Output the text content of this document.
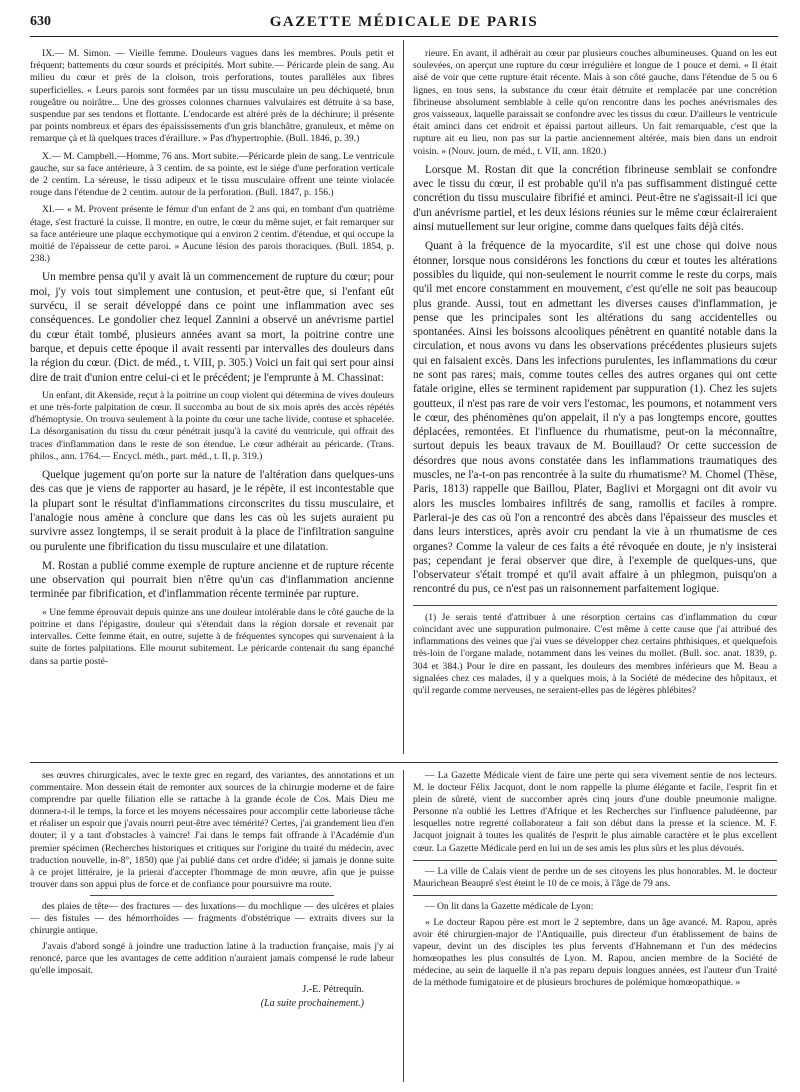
630	GAZETTE MÉDICALE DE PARIS

IX.— M. Simon. — Vieille femme. Douleurs vagues dans les membres. Pouls petit et fréquent; battements du cœur sourds et précipités. Mort subite.— Péricarde plein de sang. Au milieu du cœur et près de la cloison, trois perforations, toutes parallèles aux fibres superficielles. « Leurs parois sont formées par un tissu musculaire un peu déchiqueté, brun rougeâtre ou noirâtre... Une des grosses colonnes charnues valvulaires est détruite à sa base, suspendue par ses tendons et flottante. L'endocarde est altéré près de la déchirure; il présente par points nombreux et épars des épaississements d'un gris blanchâtre, granuleux, et même on remarque çà et là quelques traces d'éraillure. » Pas d'hypertrophie. (Bull. 1846, p. 39.)

X.— M. Campbell.—Homme, 76 ans. Mort subite.—Péricarde plein de sang. Le ventricule gauche, sur sa face antérieure, à 3 centim. de sa pointe, est le siége d'une perforation verticale de 2 centim. La séreuse, le tissu adipeux et le tissu musculaire offrent une teinte violacée rouge dans l'étendue de 2 centim. autour de la perforation. (Bull. 1847, p. 156.)

XI.— « M. Provent présente le fémur d'un enfant de 2 ans qui, en tombant d'un quatrième étage, s'est fracturé la cuisse. Il montre, en outre, le cœur du même sujet, et fait remarquer sur sa face antérieure une plaque ecchymotique qui a environ 2 centim. d'étendue, et qui occupe la moitié de l'épaisseur de cette paroi. » Aucune lésion des parois thoraciques. (Bull. 1854, p. 238.)

Un membre pensa qu'il y avait là un commencement de rupture du cœur; pour moi, j'y vois tout simplement une contusion, et peut-être que, si l'enfant eût survécu, il se serait développé dans ce point une inflammation avec ses conséquences. Le gondolier chez lequel Zannini a observé un anévrisme partiel du cœur était tombé, plusieurs années avant sa mort, la poitrine contre une barque, et depuis cette époque il avait ressenti par intervalles des douleurs dans la région du cœur. (Dict. de méd., t. VIII, p. 305.) Voici un fait qui sert pour ainsi dire de trait d'union entre celui-ci et le précédent; je l'emprunte à M. Chassinat:

Un enfant, dit Akenside, reçut à la poitrine un coup violent qui détermina de vives douleurs et une très-forte palpitation de cœur. Il succomba au bout de six mois après des accès répétés d'hémoptysie. On trouva seulement à la pointe du cœur une tache livide, contuse et sphacelée. La désorganisation du tissu du cœur pénétrait jusqu'à la cavité du ventricule, qui offrait des traces d'inflammation dans le reste de son étendue. Le cœur adhérait au péricarde. (Trans. philos., ann. 1764.— Encycl. méth., part. méd., t. II, p. 319.)

Quelque jugement qu'on porte sur la nature de l'altération dans quelques-uns des cas que je viens de rapporter au hasard, je le répète, il est incontestable que la plupart sont le résultat d'inflammations circonscrites du tissu musculaire, et l'analogie nous amène à conclure que dans les cas où les sujets auraient pu survivre assez longtemps, il se serait produit à la place de l'infiltration sanguine ou purulente une fibrification du tissu musculaire et une dilatation.

M. Rostan a publié comme exemple de rupture ancienne et de rupture récente une observation qui pourrait bien n'être qu'un cas d'inflammation ancienne terminée par fibrification, et d'inflammation récente terminée par rupture.

« Une femme éprouvait depuis quinze ans une douleur intolérable dans le côté gauche de la poitrine et dans l'épigastre, douleur qui s'étendait dans la région dorsale et revenait par intervalles. Cette femme était, en outre, sujette à de fréquentes syncopes qui survenaient à la suite de fortes palpitations. Elle mourut subitement. Le péricarde contenait du sang épanché dans sa partie posté-

rieure. En avant, il adhérait au cœur par plusieurs couches albumineuses. Quand on les eut soulevées, on aperçut une rupture du cœur irrégulière et longue de 1 pouce et demi. « Il était aisé de voir que cette rupture était récente. Mais à son côté gauche, dans l'étendue de 5 ou 6 lignes, en tous sens, la substance du cœur était détruite et remplacée par une concrétion fibrineuse absolument semblable à celle qu'on rencontre dans les poches anévrismales des gros vaisseaux, laquelle paraissait se confondre avec les tissus du cœur. D'ailleurs le ventricule était aminci dans cet endroit et épaissi partout ailleurs. Un fait remarquable, c'est que la rupture ait eu lieu, non pas sur la partie anciennement altérée, mais bien dans un endroit voisin. » (Nouv. journ. de méd., t. VII, ann. 1820.)

Lorsque M. Rostan dit que la concrétion fibrineuse semblait se confondre avec le tissu du cœur, il est probable qu'il n'a pas suffisamment distingué cette concrétion du tissu musculaire fibrifié et aminci. Peut-être ne s'agissait-il ici que d'un anévrisme partiel, et les deux lésions réunies sur le même cœur éclaireraient ainsi mutuellement sur leur origine, comme dans quelques faits déjà cités.

Quant à la fréquence de la myocardite, s'il est une chose qui doive nous étonner, lorsque nous considérons les fonctions du cœur et toutes les altérations possibles du liquide, qui non-seulement le nourrit comme le reste du corps, mais qu'il met encore constamment en mouvement, c'est qu'elle ne soit pas beaucoup plus grande. Aussi, tout en admettant les diverses causes d'inflammation, je pense que les principales sont les altérations du sang accidentelles ou spontanées. Ainsi les boissons alcooliques pénètrent en quantité notable dans la circulation, et nous avons vu dans les observations précédentes plusieurs sujets qui en faisaient excès. Dans les infections purulentes, les inflammations du cœur ne sont pas rares; mais, comme toutes celles des autres organes qui ont cette fatale origine, elles se terminent rapidement par suppuration (1). Chez les sujets goutteux, il n'est pas rare de voir vers l'estomac, les poumons, et notamment vers le cœur, des phénomènes qu'on appelait, il n'y a pas longtemps encore, gouttes déplacées, remontées. Et l'influence du rhumatisme, peut-on la méconnaître, surtout depuis les beaux travaux de M. Bouillaud? Or cette succession de désordres que nous avons constatée dans les inflammations traumatiques des muscles, ne l'a-t-on pas rencontrée à la suite du rhumatisme? M. Chomel (Thèse, Paris, 1813) rappelle que Baillou, Plater, Baglivi et Morgagni ont dit avoir vu alors les muscles lombaires infiltrés de sang, ramollis et faciles à rompre. Parlerai-je des cas où l'on a rencontré des abcès dans l'épaisseur des muscles et dans leurs interstices, après avoir cru pendant la vie à un rhumatisme de ces organes? Comme la valeur de ces faits a été révoquée en doute, je n'y insisterai pas; cependant je ferai observer que dire, à l'exemple de quelques-uns, que l'observateur s'était trompé et qu'il avait affaire à un phlegmon, puisqu'on a rencontré du pus, ce n'est pas un raisonnement parfaitement logique.

(1) Je serais tenté d'attribuer à une résorption certains cas d'inflammation du cœur coïncidant avec une suppuration pulmonaire. C'est même à cette cause que j'ai attribué des inflammations des veines que j'ai vues se développer chez certains phthisiques, et quelquefois très-loin de l'organe malade, notamment dans les veines du mollet. (Bull. soc. anat. 1839, p. 304 et 384.) Pour le dire en passant, les douleurs des membres inférieurs que M. Beau a signalées chez ces malades, il y a quelques mois, à la Société de médecine des hôpitaux, et qu'il regarde comme nerveuses, ne seraient-elles pas de légères phlébites?

ses œuvres chirurgicales, avec le texte grec en regard, des variantes, des annotations et un commentaire. Mon dessein était de remonter aux sources de la chirurgie moderne et de faire comprendre par quelle filiation elle se rattache à la grande école de Cos. Mais Dieu me donnera-t-il le temps, la force et les moyens nécessaires pour accomplir cette laborieuse tâche et réaliser un espoir que j'avais nourri peut-être avec témérité? Certes, j'ai grandement lieu d'en douter; il y a tant d'obstacles à vaincre! J'ai dans le temps fait offrande à l'Académie d'un premier spécimen (Recherches historiques et critiques sur l'origine du traité du médecin, avec traduction nouvelle, in-8°, 1850) que j'ai publié dans cet ordre d'idée; si jamais je donne suite à ce projet littéraire, je la prierai d'accepter l'hommage de mon œuvre, afin que je puisse trouver dans son appui plus de force et de confiance pour poursuivre ma route.

des plaies de tête— des fractures — des luxations— du mochlique — des ulcères et plaies — des fistules — des hémorrhoïdes — fragments d'obstétrique — extraits divers sur la chirurgie antique.

J'avais d'abord songé à joindre une traduction latine à la traduction française, mais j'y ai renoncé, parce que les avantages de cette addition n'auraient jamais compensé le rude labeur qu'elle imposait.

J.-E. Pétrequin.
(La suite prochainement.)

— La Gazette Médicale vient de faire une perte qui sera vivement sentie de nos lecteurs. M. le docteur Félix Jacquot, dont le nom rappelle la plume élégante et facile, l'esprit fin et plein de sûreté, vient de succomber après cinq jours d'une double pneumonie maligne. Personne n'a oublié les Lettres d'Afrique et les Recherches sur l'influence paludéenne, par lesquelles notre regretté collaborateur a fait son début dans la presse et la science. M. F. Jacquot joignait à toutes les qualités de l'esprit le plus aimable caractère et le plus excellent cœur. La Gazette Médicale perd en lui un de ses amis les plus sûrs et les plus dévoués.

— La ville de Calais vient de perdre un de ses citoyens les plus honorables. M. le docteur Maurichean Beaupré s'est éteint le 10 de ce mois, à l'âge de 79 ans.

— On lit dans la Gazette médicale de Lyon:

« Le docteur Rapou père est mort le 2 septembre, dans un âge avancé. M. Rapou, après avoir été chirurgien-major de l'Antiquaille, puis directeur d'un établissement de bains de vapeur, devint un des disciples les plus fervents d'Hahnemann et l'un des médecins homœopathes les plus consultés de Lyon. M. Rapou, ancien membre de la Société de médecine, au sein de laquelle il n'a pas reparu depuis longues années, est l'auteur d'un Traité de la méthode fumigatoire et de plusieurs brochures de polémique homœopathique. »
